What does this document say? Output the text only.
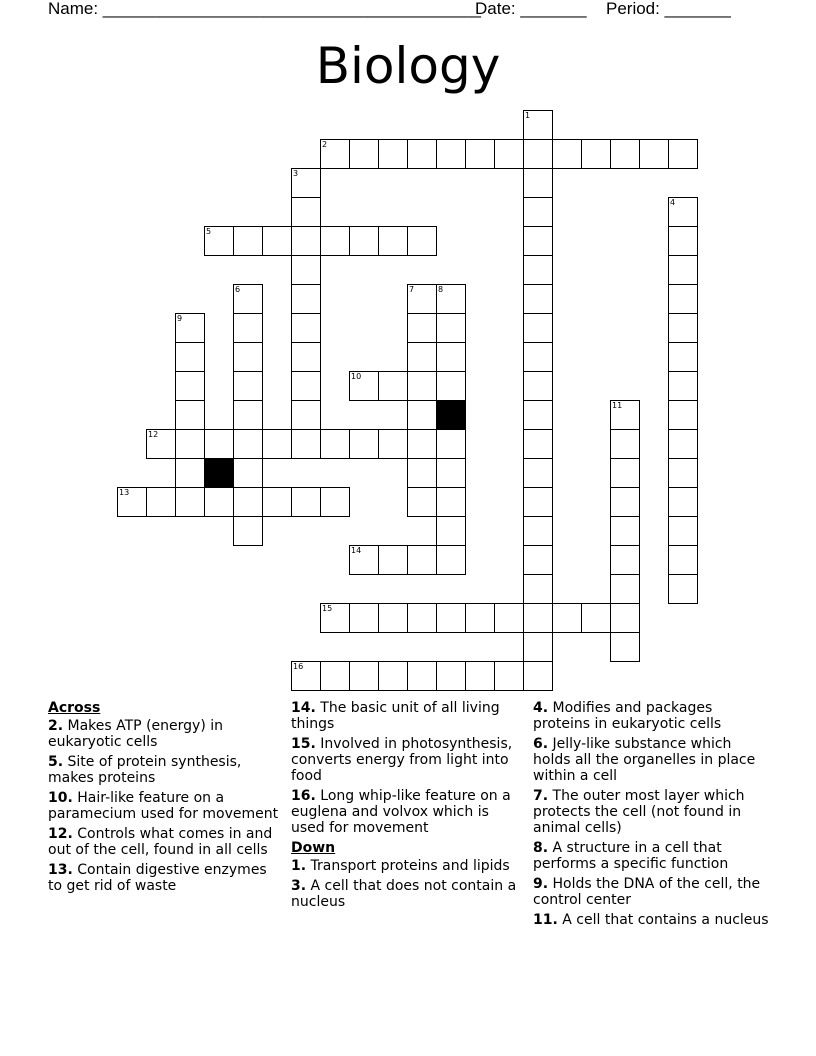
Name: ________________________________________
Date: _______ Period: _______
Biology
2
5
10
12
13
14
15
16
1
3
4
6	7	8
9
11
Across
2. Makes ATP (energy) in eukaryotic cells
5. Site of protein synthesis, makes proteins
10. Hair-like feature on a paramecium used for movement
12. Controls what comes in and out of the cell, found in all cells
13. Contain digestive enzymes to get rid of waste
14. The basic unit of all living things
15. Involved in photosynthesis, converts energy from light into food
16. Long whip-like feature on a euglena and volvox which is used for movement
Down
1. Transport proteins and lipids
3. A cell that does not contain a nucleus
4. Modifies and packages proteins in eukaryotic cells
6. Jelly-like substance which holds all the organelles in place within a cell
7. The outer most layer which protects the cell (not found in animal cells)
8. A structure in a cell that performs a specific function
9. Holds the DNA of the cell, the control center
11. A cell that contains a nucleus
